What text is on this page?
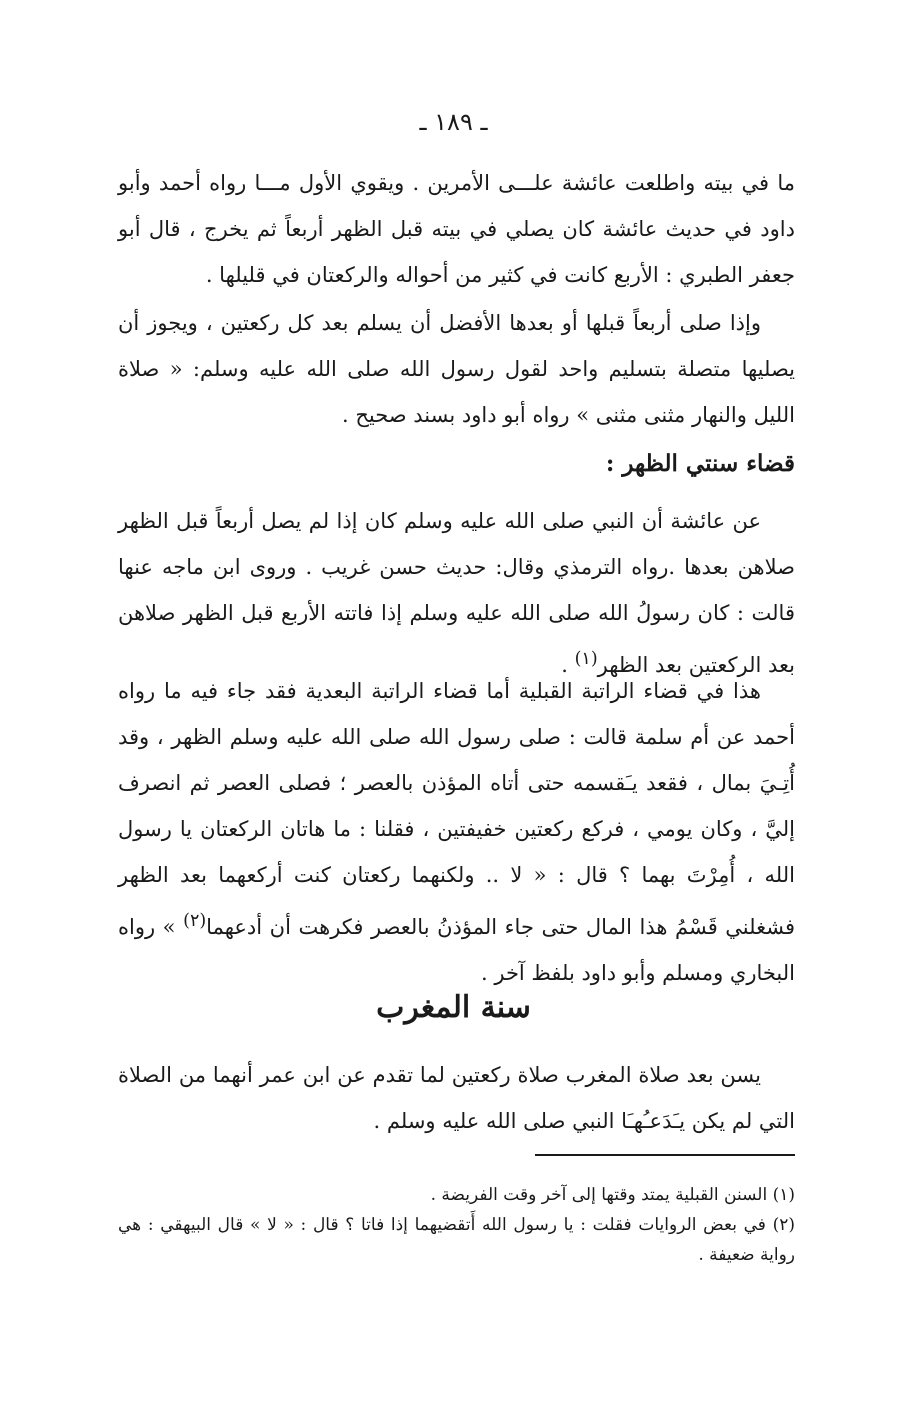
ـ ١٨٩ ـ

ما في بيته واطلعت عائشة علـــى الأمرين . ويقوي الأول مـــا رواه أحمد وأبو داود في حديث عائشة كان يصلي في بيته قبل الظهر أربعاً ثم يخرج ، قال أبو جعفر الطبري : الأربع كانت في كثير من أحواله والركعتان في قليلها .

وإذا صلى أربعاً قبلها أو بعدها الأفضل أن يسلم بعد كل ركعتين ، ويجوز أن يصليها متصلة بتسليم واحد لقول رسول الله صلى الله عليه وسلم: « صلاة الليل والنهار مثنى مثنى » رواه أبو داود بسند صحيح .

قضاء سنتي الظهر :

عن عائشة أن النبي صلى الله عليه وسلم كان إذا لم يصل أربعاً قبل الظهر صلاهن بعدها .رواه الترمذي وقال: حديث حسن غريب . وروى ابن ماجه عنها قالت : كان رسولُ الله صلى الله عليه وسلم إذا فاتته الأربع قبل الظهر صلاهن بعد الركعتين بعد الظهر$^{(١)}$ .

هذا في قضاء الراتبة القبلية أما قضاء الراتبة البعدية فقد جاء فيه ما رواه أحمد عن أم سلمة قالت : صلى رسول الله صلى الله عليه وسلم الظهر ، وقد أُتِـيَ بمال ، فقعد يـَقسمه حتى أتاه المؤذن بالعصر ؛ فصلى العصر ثم انصرف إليَّ ، وكان يومي ، فركع ركعتين خفيفتين ، فقلنا : ما هاتان الركعتان يا رسول الله ، أُمِرْتَ بهما ؟ قال : « لا .. ولكنهما ركعتان كنت أركعهما بعد الظهر فشغلني قَسْمُ هذا المال حتى جاء المؤذنُ بالعصر فكرهت أن أدعهما$^{(٢)}$ » رواه البخاري ومسلم وأبو داود بلفظ آخر .

سنة المغرب

يسن بعد صلاة المغرب صلاة ركعتين لما تقدم عن ابن عمر أنهما من الصلاة التي لم يكن يـَدَعـُهـَا النبي صلى الله عليه وسلم .

(١) السنن القبلية يمتد وقتها إلى آخر وقت الفريضة .

(٢) في بعض الروايات فقلت : يا رسول الله أَتقضيهما إذا فاتا ؟ قال : « لا » قال البيهقي : هي رواية ضعيفة .
